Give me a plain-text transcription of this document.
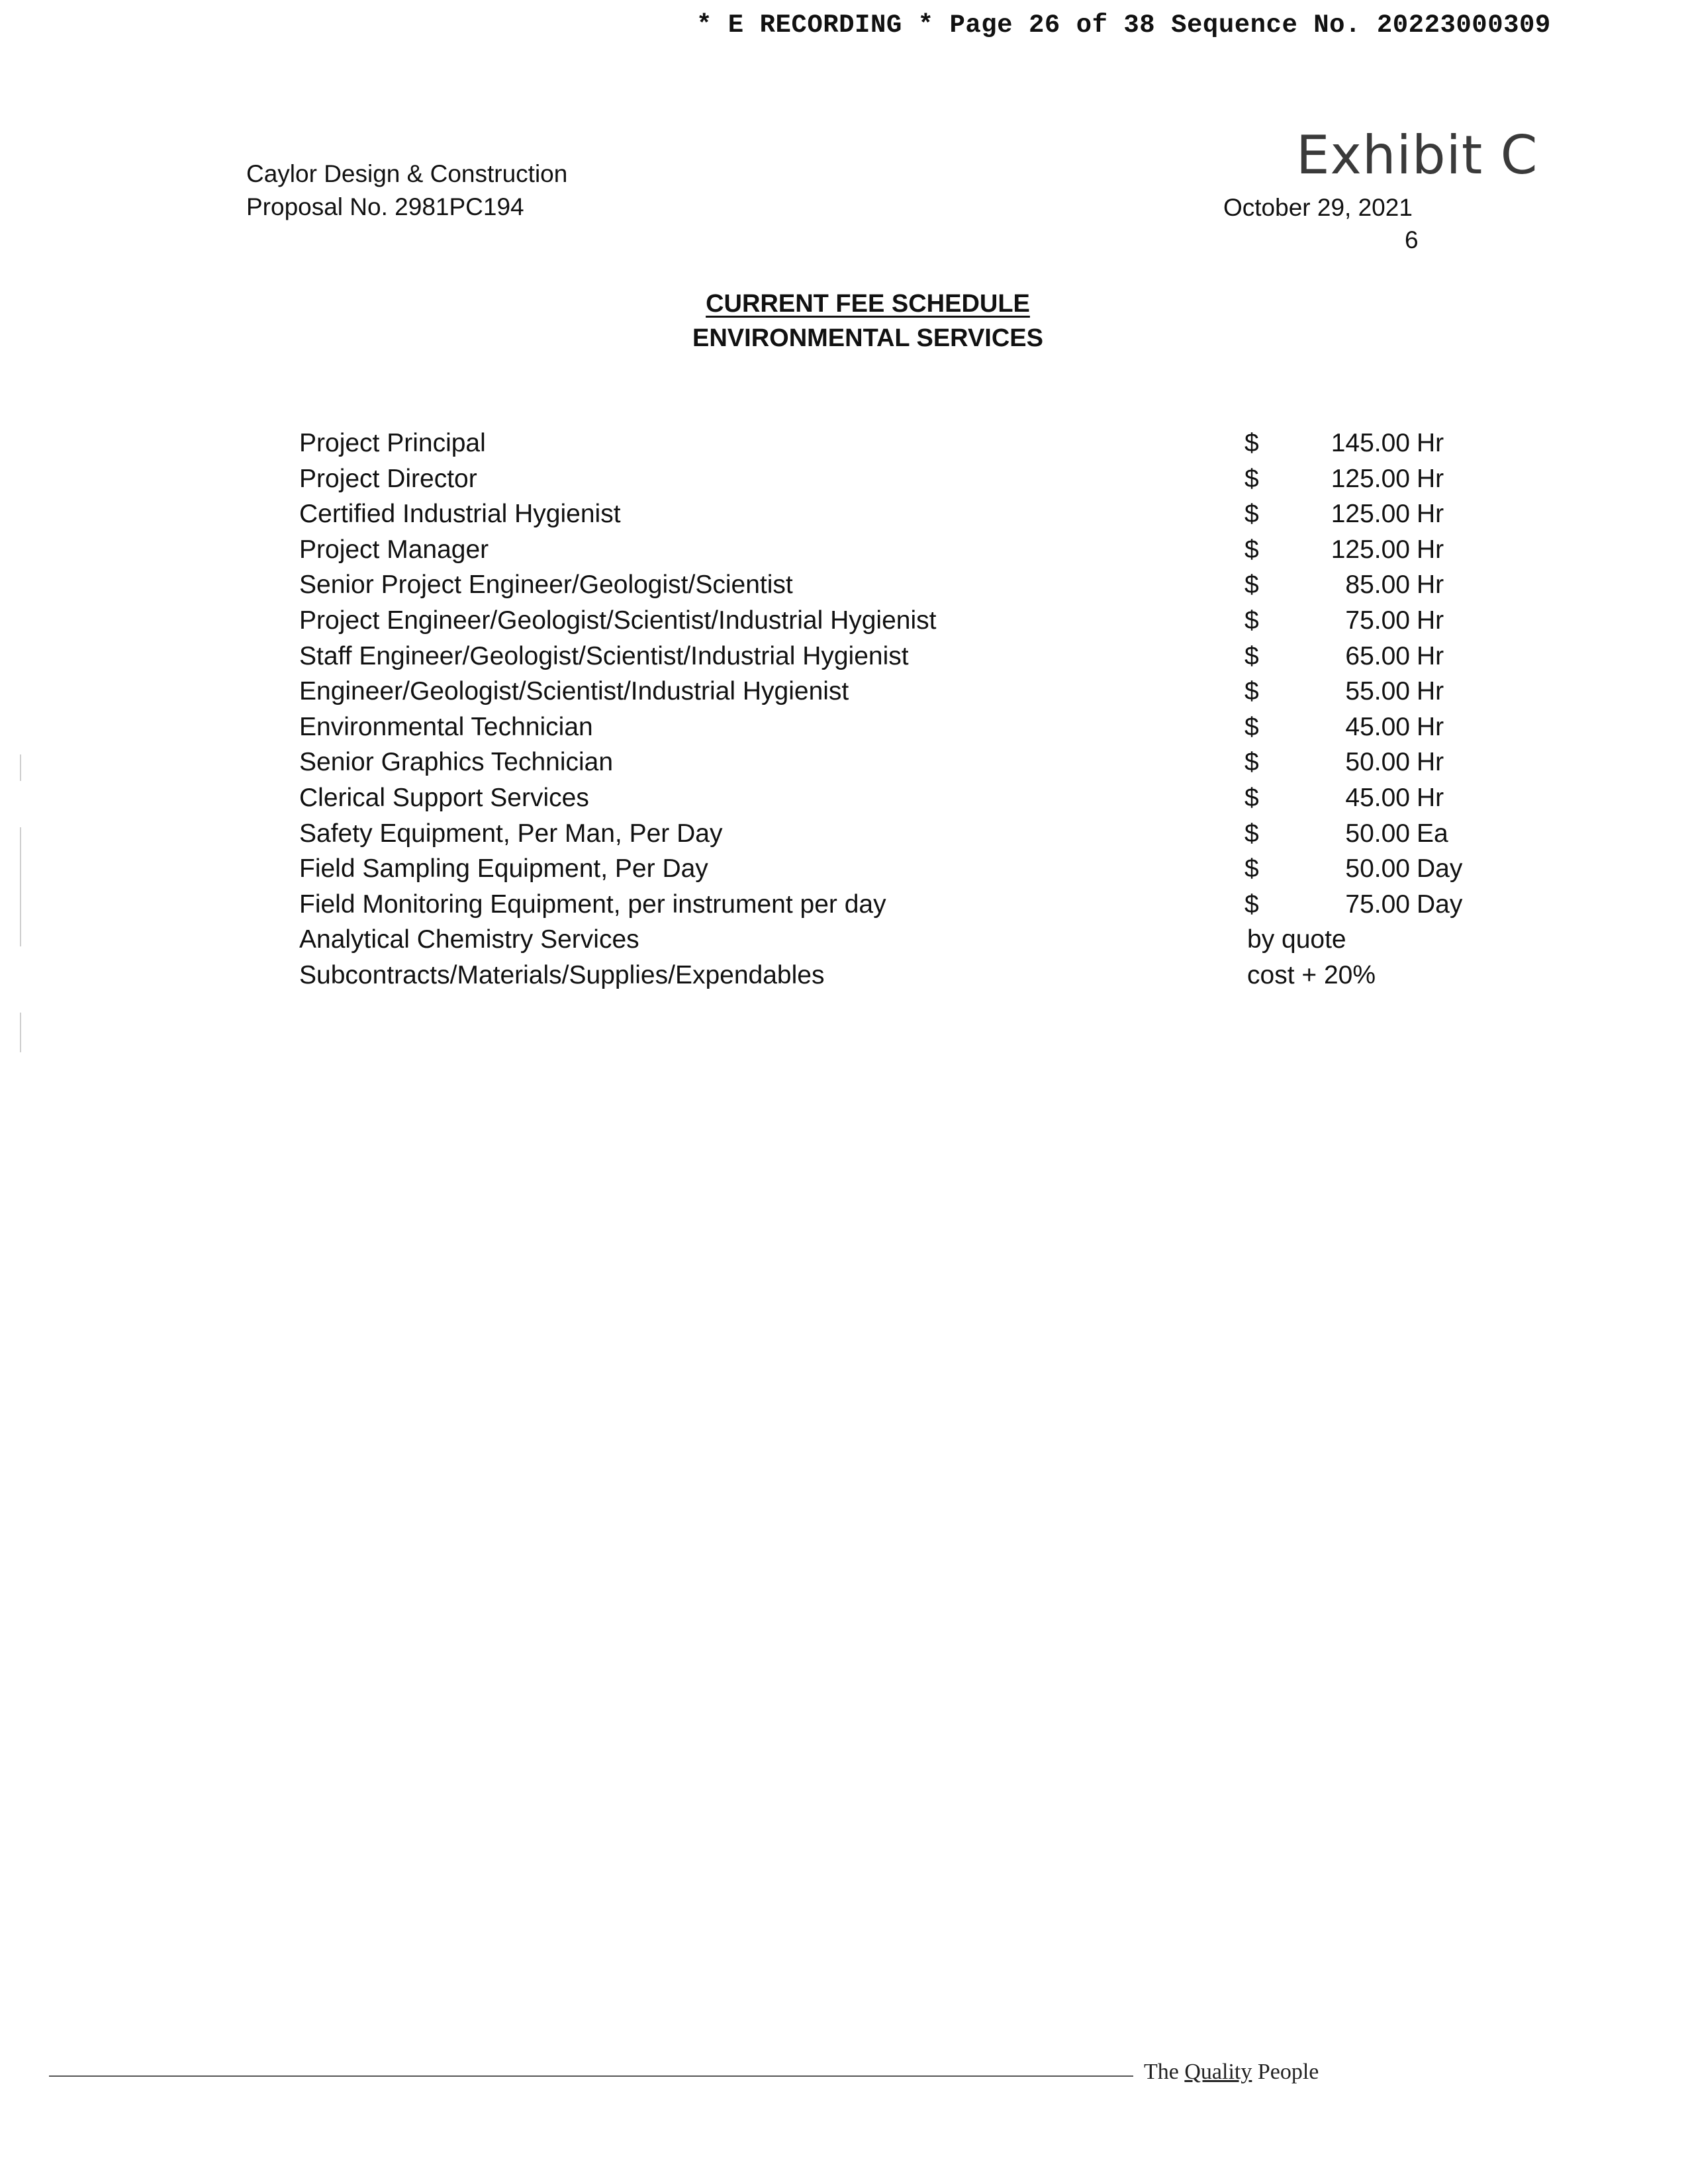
* E RECORDING * Page 26 of 38 Sequence No. 20223000309
Exhibit C
Caylor Design & Construction
Proposal No. 2981PC194	October 29, 2021
6
CURRENT FEE SCHEDULE
ENVIRONMENTAL SERVICES
Project Principal	$	145.00 Hr
Project Director	$	125.00 Hr
Certified Industrial Hygienist	$	125.00 Hr
Project Manager	$	125.00 Hr
Senior Project Engineer/Geologist/Scientist	$	85.00 Hr
Project Engineer/Geologist/Scientist/Industrial Hygienist	$	75.00 Hr
Staff Engineer/Geologist/Scientist/Industrial Hygienist	$	65.00 Hr
Engineer/Geologist/Scientist/Industrial Hygienist	$	55.00 Hr
Environmental Technician	$	45.00 Hr
Senior Graphics Technician	$	50.00 Hr
Clerical Support Services	$	45.00 Hr
Safety Equipment, Per Man, Per Day	$	50.00 Ea
Field Sampling Equipment, Per Day	$	50.00 Day
Field Monitoring Equipment, per instrument per day	$	75.00 Day
Analytical Chemistry Services	by quote
Subcontracts/Materials/Supplies/Expendables	cost + 20%
The Quality People
